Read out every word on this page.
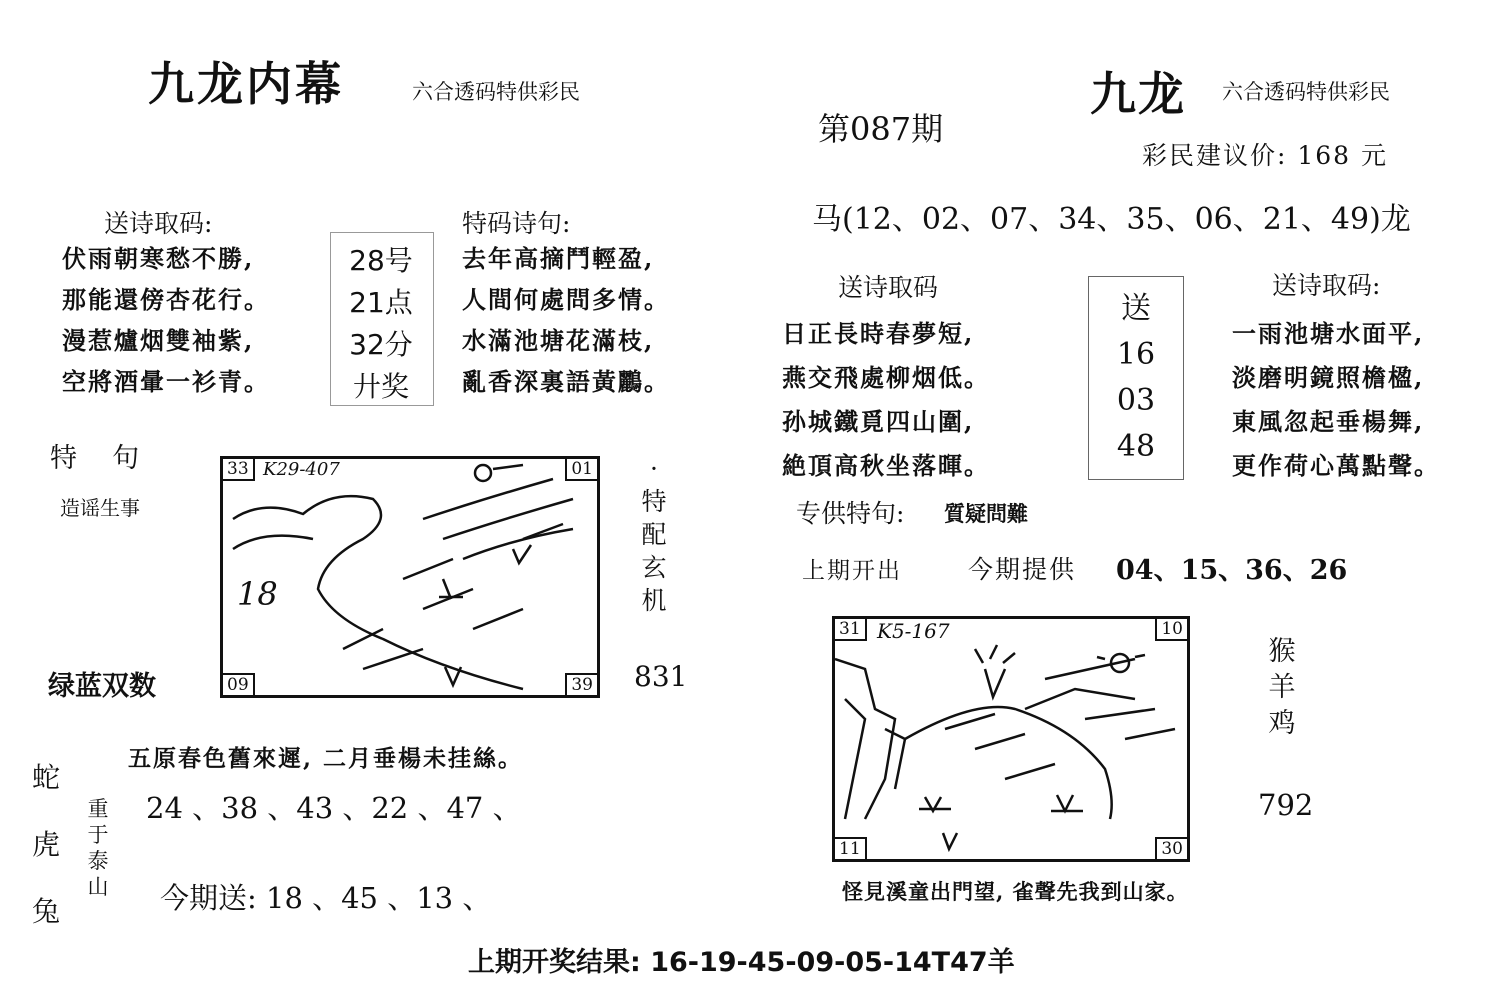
九龙内幕	六合透码特供彩民
送诗取码:
伏雨朝寒愁不勝,
那能還傍杏花行。
漫惹爐烟雙袖紫,
空將酒暈一衫青。
28号
21点
32分
廾奖
特码诗句:
去年高摘鬥輕盈,
人間何處問多情。
水滿池塘花滿枝,
亂香深裏語黃鸝。
特  句
造谣生事
绿蓝双数
33	01
09	39
K29-407
18
·
特
配
玄
机
831
蛇
虎
兔
五原春色舊來遲, 二月垂楊未挂絲。
重
于
泰
山
24 、38 、43 、22 、47 、
今期送: 18 、45 、13 、
第087期
九龙 六合透码特供彩民
彩民建议价: 168 元
马(12、02、07、34、35、06、21、49)龙
送诗取码
日正長時春夢短,
燕交飛處柳烟低。
孙城鐵覓四山圍,
絶頂高秋坐落暉。
送
16
03
48
送诗取码:
一雨池塘水面平,
淡磨明鏡照檐楹,
東風忽起垂楊舞,
更作荷心萬點聲。
专供特句: 質疑問難
上期开出	今期提供 04、15、36、26
31	10
11	30
K5-167
猴
羊
鸡
792
怪見溪童出門望, 雀聲先我到山家。
上期开奖结果: 16-19-45-09-05-14T47羊
